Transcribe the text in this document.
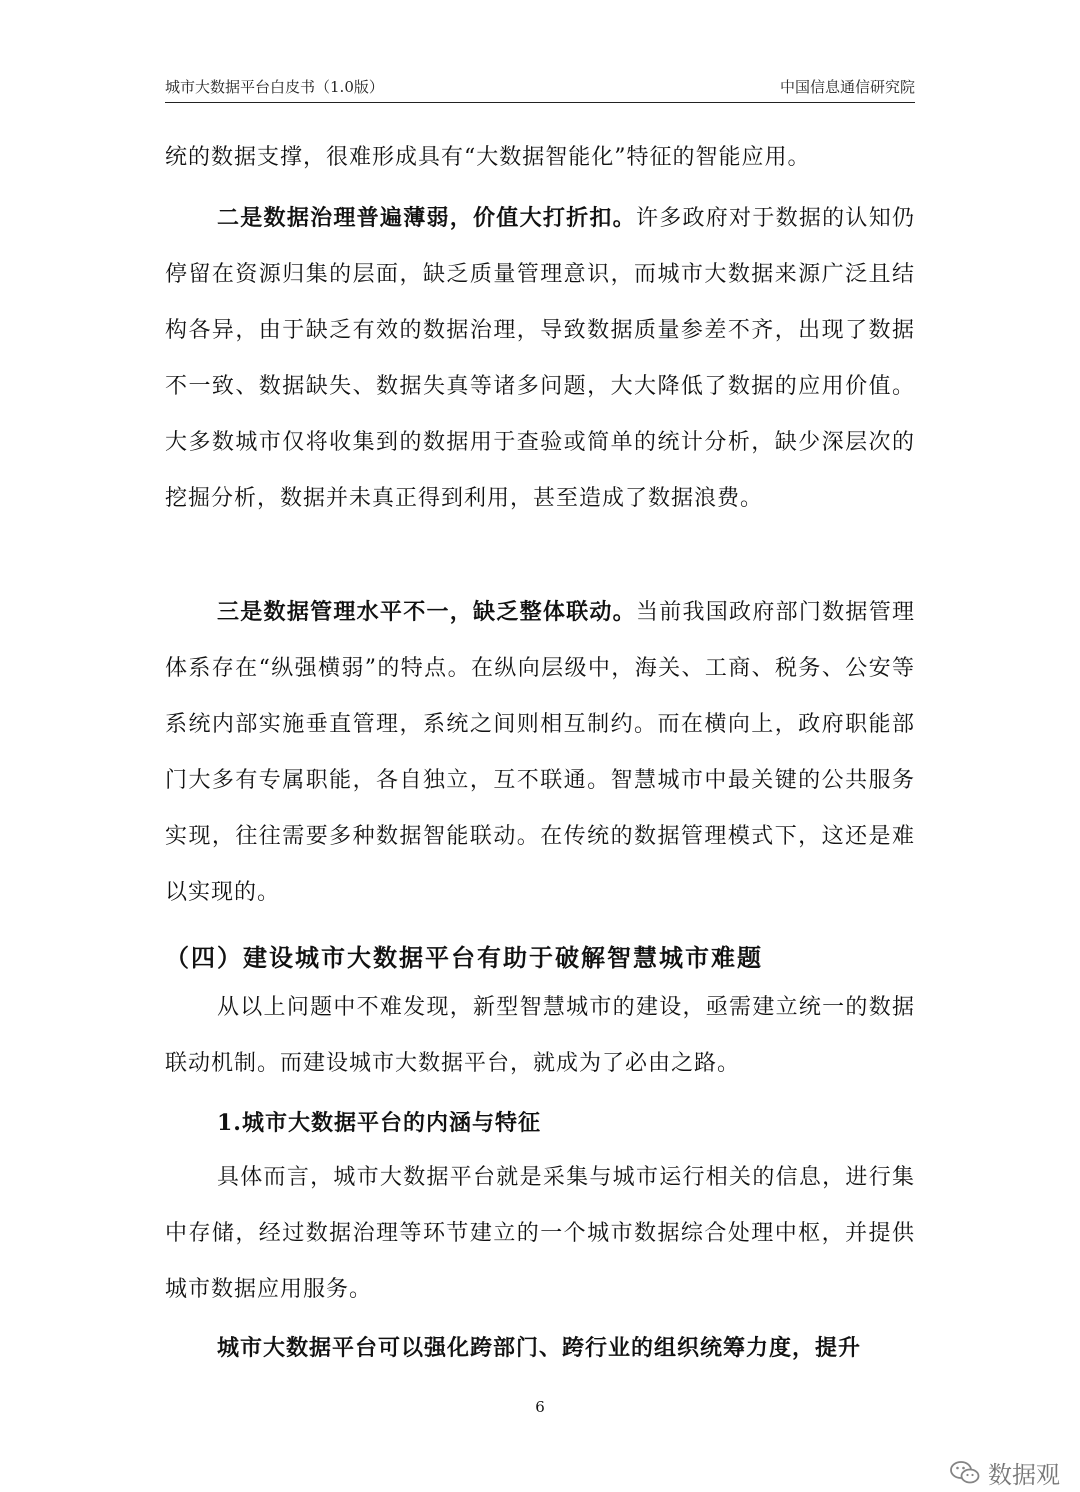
城市大数据平台白皮书（1.0版）	中国信息通信研究院
统的数据支撑，很难形成具有“大数据智能化”特征的智能应用。
二是数据治理普遍薄弱，价值大打折扣。许多政府对于数据的认知仍停留在资源归集的层面，缺乏质量管理意识，而城市大数据来源广泛且结构各异，由于缺乏有效的数据治理，导致数据质量参差不齐，出现了数据不一致、数据缺失、数据失真等诸多问题，大大降低了数据的应用价值。大多数城市仅将收集到的数据用于查验或简单的统计分析，缺少深层次的挖掘分析，数据并未真正得到利用，甚至造成了数据浪费。
三是数据管理水平不一，缺乏整体联动。当前我国政府部门数据管理体系存在“纵强横弱”的特点。在纵向层级中，海关、工商、税务、公安等系统内部实施垂直管理，系统之间则相互制约。而在横向上，政府职能部门大多有专属职能，各自独立，互不联通。智慧城市中最关键的公共服务实现，往往需要多种数据智能联动。在传统的数据管理模式下，这还是难以实现的。
（四）建设城市大数据平台有助于破解智慧城市难题
从以上问题中不难发现，新型智慧城市的建设，亟需建立统一的数据联动机制。而建设城市大数据平台，就成为了必由之路。
1.城市大数据平台的内涵与特征
具体而言，城市大数据平台就是采集与城市运行相关的信息，进行集中存储，经过数据治理等环节建立的一个城市数据综合处理中枢，并提供城市数据应用服务。
城市大数据平台可以强化跨部门、跨行业的组织统筹力度，提升
6
数据观
